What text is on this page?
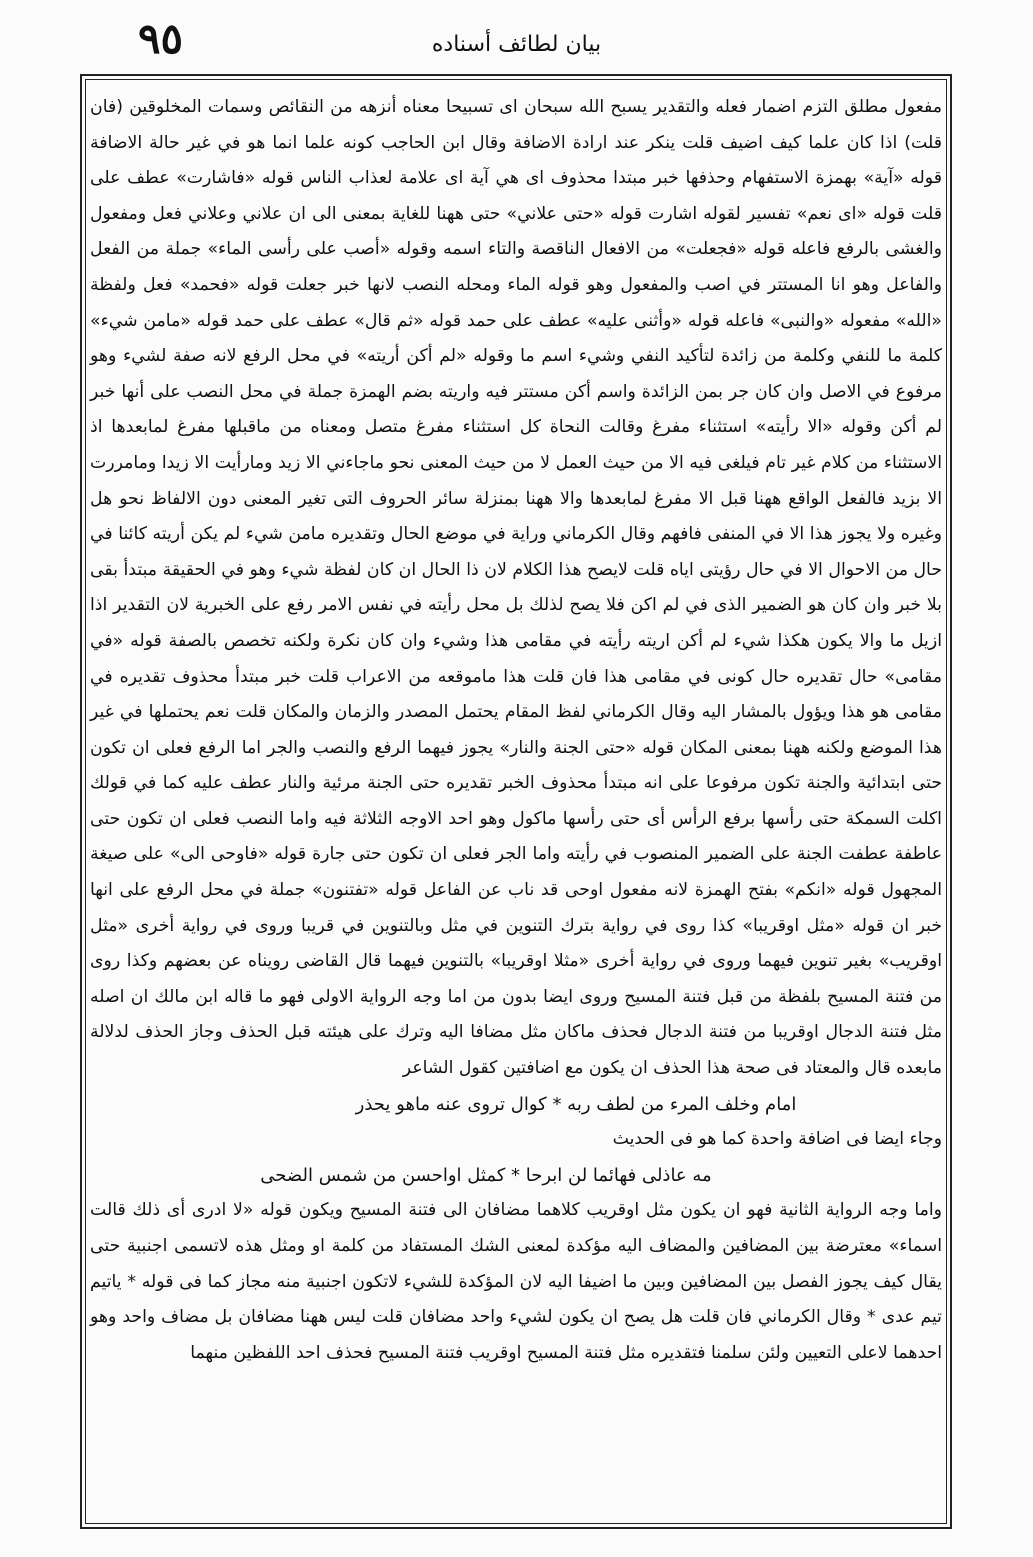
٩٥	بيان لطائف أسناده

مفعول مطلق التزم اضمار فعله والتقدير يسبح الله سبحان اى تسبيحا معناه أنزهه من النقائص وسمات المخلوقين (فان قلت) اذا كان علما كيف اضيف قلت ينكر عند ارادة الاضافة وقال ابن الحاجب كونه علما انما هو في غير حالة الاضافة قوله «آية» بهمزة الاستفهام وحذفها خبر مبتدا محذوف اى هي آية اى علامة لعذاب الناس قوله «فاشارت» عطف على قلت قوله «اى نعم» تفسير لقوله اشارت قوله «حتى علاني» حتى ههنا للغاية بمعنى الى ان علاني وعلاني فعل ومفعول والغشى بالرفع فاعله قوله «فجعلت» من الافعال الناقصة والتاء اسمه وقوله «أصب على رأسى الماء» جملة من الفعل والفاعل وهو انا المستتر في اصب والمفعول وهو قوله الماء ومحله النصب لانها خبر جعلت قوله «فحمد» فعل ولفظة «الله» مفعوله «والنبى» فاعله قوله «وأثنى عليه» عطف على حمد قوله «ثم قال» عطف على حمد قوله «مامن شيء» كلمة ما للنفي وكلمة من زائدة لتأكيد النفي وشيء اسم ما وقوله «لم أكن أريته» في محل الرفع لانه صفة لشيء وهو مرفوع في الاصل وان كان جر بمن الزائدة واسم أكن مستتر فيه واريته بضم الهمزة جملة في محل النصب على أنها خبر لم أكن وقوله «الا رأيته» استثناء مفرغ وقالت النحاة كل استثناء مفرغ متصل ومعناه من ماقبلها مفرغ لمابعدها اذ الاستثناء من كلام غير تام فيلغى فيه الا من حيث العمل لا من حيث المعنى نحو ماجاءني الا زيد ومارأيت الا زيدا ومامررت الا بزيد فالفعل الواقع ههنا قبل الا مفرغ لمابعدها والا ههنا بمنزلة سائر الحروف التى تغير المعنى دون الالفاظ نحو هل وغيره ولا يجوز هذا الا في المنفى فافهم وقال الكرماني وراية في موضع الحال وتقديره مامن شيء لم يكن أريته كائنا في حال من الاحوال الا في حال رؤيتى اياه قلت لايصح هذا الكلام لان ذا الحال ان كان لفظة شيء وهو في الحقيقة مبتدأ بقى بلا خبر وان كان هو الضمير الذى في لم اكن فلا يصح لذلك بل محل رأيته في نفس الامر رفع على الخبرية لان التقدير اذا ازيل ما والا يكون هكذا شيء لم أكن اريته رأيته في مقامى هذا وشيء وان كان نكرة ولكنه تخصص بالصفة قوله «في مقامى» حال تقديره حال كونى في مقامى هذا فان قلت هذا ماموقعه من الاعراب قلت خبر مبتدأ محذوف تقديره في مقامى هو هذا ويؤول بالمشار اليه وقال الكرماني لفظ المقام يحتمل المصدر والزمان والمكان قلت نعم يحتملها في غير هذا الموضع ولكنه ههنا بمعنى المكان قوله «حتى الجنة والنار» يجوز فيهما الرفع والنصب والجر اما الرفع فعلى ان تكون حتى ابتدائية والجنة تكون مرفوعا على انه مبتدأ محذوف الخبر تقديره حتى الجنة مرئية والنار عطف عليه كما في قولك اكلت السمكة حتى رأسها برفع الرأس أى حتى رأسها ماكول وهو احد الاوجه الثلاثة فيه واما النصب فعلى ان تكون حتى عاطفة عطفت الجنة على الضمير المنصوب في رأيته واما الجر فعلى ان تكون حتى جارة قوله «فاوحى الى» على صيغة المجهول قوله «انكم» بفتح الهمزة لانه مفعول اوحى قد ناب عن الفاعل قوله «تفتنون» جملة في محل الرفع على انها خبر ان قوله «مثل اوقريبا» كذا روى في رواية بترك التنوين في مثل وبالتنوين في قريبا وروى في رواية أخرى «مثل اوقريب» بغير تنوين فيهما وروى في رواية أخرى «مثلا اوقريبا» بالتنوين فيهما قال القاضى رويناه عن بعضهم وكذا روى من فتنة المسيح بلفظة من قبل فتنة المسيح وروى ايضا بدون من اما وجه الرواية الاولى فهو ما قاله ابن مالك ان اصله مثل فتنة الدجال اوقريبا من فتنة الدجال فحذف ماكان مثل مضافا اليه وترك على هيئته قبل الحذف وجاز الحذف لدلالة مابعده قال والمعتاد فى صحة هذا الحذف ان يكون مع اضافتين كقول الشاعر

امام وخلف المرء من لطف ربه * كوال تروى عنه ماهو يحذر

وجاء ايضا فى اضافة واحدة كما هو فى الحديث

مه عاذلى فهائما لن ابرحا * كمثل اواحسن من شمس الضحى

واما وجه الرواية الثانية فهو ان يكون مثل اوقريب كلاهما مضافان الى فتنة المسيح ويكون قوله «لا ادرى أى ذلك قالت اسماء» معترضة بين المضافين والمضاف اليه مؤكدة لمعنى الشك المستفاد من كلمة او ومثل هذه لاتسمى اجنبية حتى يقال كيف يجوز الفصل بين المضافين وبين ما اضيفا اليه لان المؤكدة للشيء لاتكون اجنبية منه مجاز كما فى قوله * ياتيم تيم عدى * وقال الكرماني فان قلت هل يصح ان يكون لشيء واحد مضافان قلت ليس ههنا مضافان بل مضاف واحد وهو احدهما لاعلى التعيين ولئن سلمنا فتقديره مثل فتنة المسيح اوقريب فتنة المسيح فحذف احد اللفظين منهما
